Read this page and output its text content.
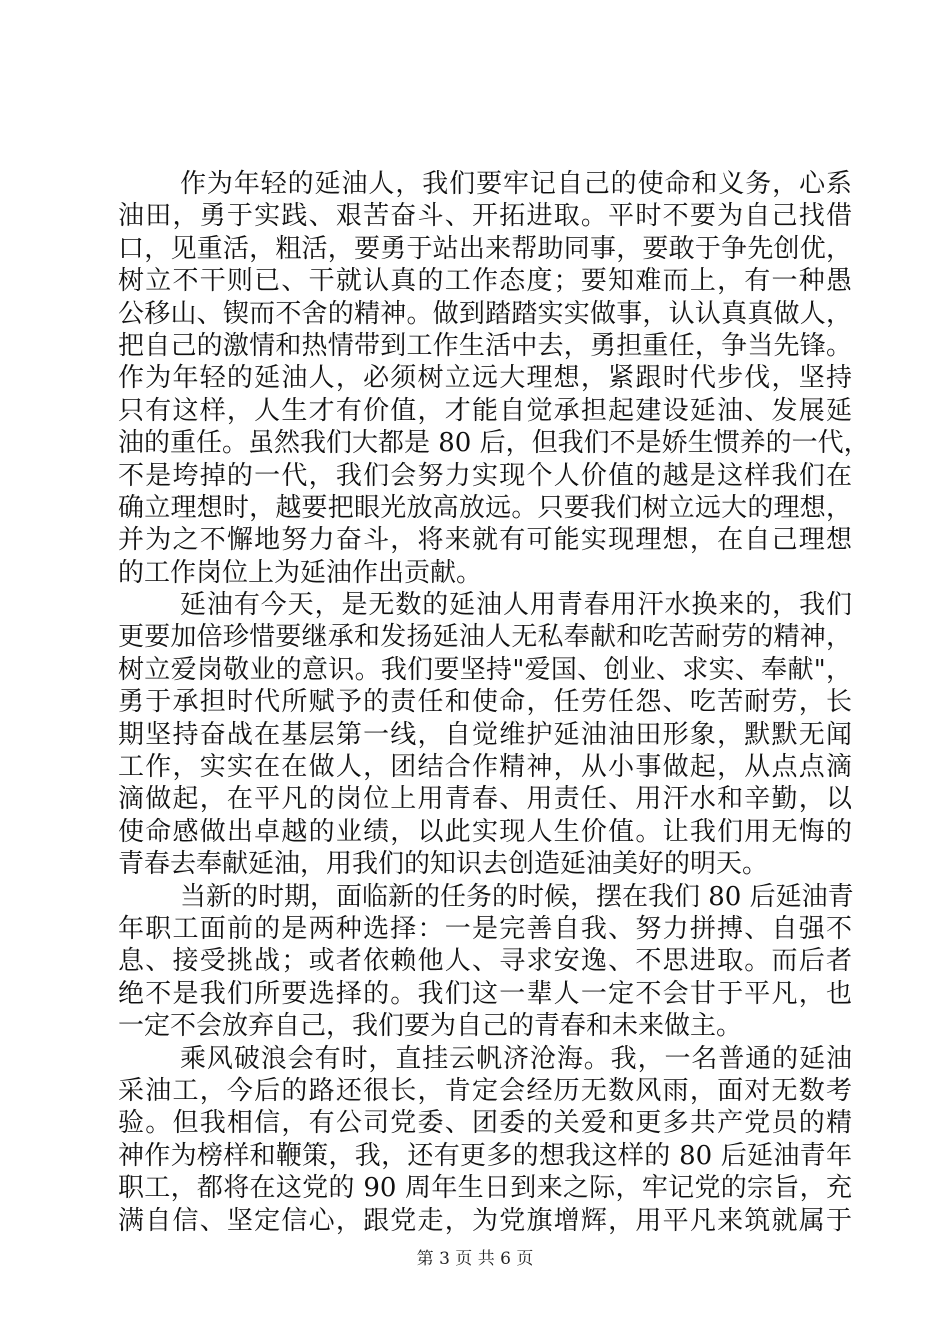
作为年轻的延油人，我们要牢记自己的使命和义务，心系
油田，勇于实践、艰苦奋斗、开拓进取。平时不要为自己找借
口，见重活，粗活，要勇于站出来帮助同事，要敢于争先创优，
树立不干则已、干就认真的工作态度；要知难而上，有一种愚
公移山、锲而不舍的精神。做到踏踏实实做事，认认真真做人，
把自己的激情和热情带到工作生活中去，勇担重任，争当先锋。
作为年轻的延油人，必须树立远大理想，紧跟时代步伐，坚持
只有这样，人生才有价值，才能自觉承担起建设延油、发展延
油的重任。虽然我们大都是 80 后，但我们不是娇生惯养的一代，
不是垮掉的一代，我们会努力实现个人价值的越是这样我们在
确立理想时，越要把眼光放高放远。只要我们树立远大的理想，
并为之不懈地努力奋斗，将来就有可能实现理想，在自己理想
的工作岗位上为延油作出贡献。
延油有今天，是无数的延油人用青春用汗水换来的，我们
更要加倍珍惜要继承和发扬延油人无私奉献和吃苦耐劳的精神，
树立爱岗敬业的意识。我们要坚持"爱国、创业、求实、奉献"，
勇于承担时代所赋予的责任和使命，任劳任怨、吃苦耐劳，长
期坚持奋战在基层第一线，自觉维护延油油田形象，默默无闻
工作，实实在在做人，团结合作精神，从小事做起，从点点滴
滴做起，在平凡的岗位上用青春、用责任、用汗水和辛勤，以
使命感做出卓越的业绩，以此实现人生价值。让我们用无悔的
青春去奉献延油，用我们的知识去创造延油美好的明天。
当新的时期，面临新的任务的时候，摆在我们 80 后延油青
年职工面前的是两种选择：一是完善自我、努力拼搏、自强不
息、接受挑战；或者依赖他人、寻求安逸、不思进取。而后者
绝不是我们所要选择的。我们这一辈人一定不会甘于平凡，也
一定不会放弃自己，我们要为自己的青春和未来做主。
乘风破浪会有时，直挂云帆济沧海。我，一名普通的延油
采油工，今后的路还很长，肯定会经历无数风雨，面对无数考
验。但我相信，有公司党委、团委的关爱和更多共产党员的精
神作为榜样和鞭策，我，还有更多的想我这样的 80 后延油青年
职工，都将在这党的 90 周年生日到来之际，牢记党的宗旨，充
满自信、坚定信心，跟党走，为党旗增辉，用平凡来筑就属于
第 3 页 共 6 页
